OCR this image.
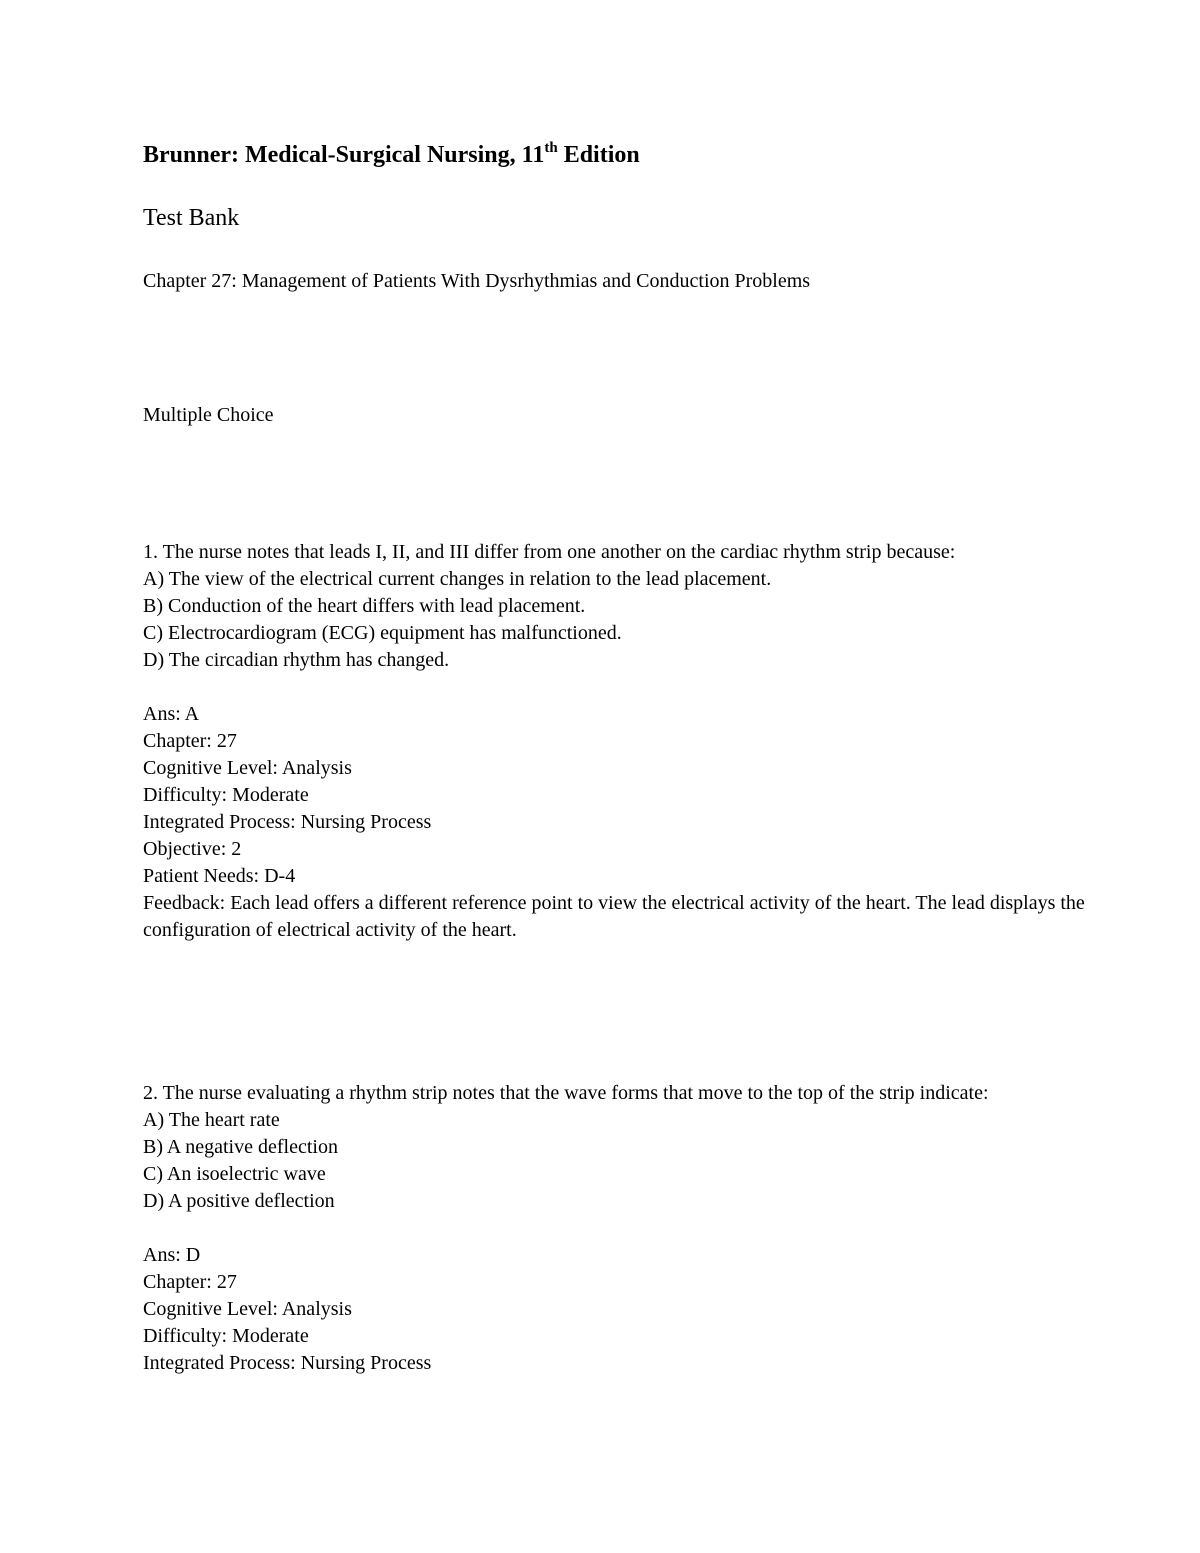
Brunner: Medical-Surgical Nursing, 11th Edition
Test Bank
Chapter 27: Management of Patients With Dysrhythmias and Conduction Problems
Multiple Choice

1. The nurse notes that leads I, II, and III differ from one another on the cardiac rhythm strip because:

A) The view of the electrical current changes in relation to the lead placement.
B) Conduction of the heart differs with lead placement.
C) Electrocardiogram (ECG) equipment has malfunctioned.
D) The circadian rhythm has changed.
Ans: A
Chapter: 27
Cognitive Level: Analysis
Difficulty: Moderate
Integrated Process: Nursing Process
Objective: 2
Patient Needs: D-4
Feedback: Each lead offers a different reference point to view the electrical activity of the heart. The lead displays the configuration of electrical activity of the heart.

2. The nurse evaluating a rhythm strip notes that the wave forms that move to the top of the strip indicate:

A) The heart rate
B) A negative deflection
C) An isoelectric wave
D) A positive deflection
Ans: D
Chapter: 27
Cognitive Level: Analysis
Difficulty: Moderate
Integrated Process: Nursing Process
